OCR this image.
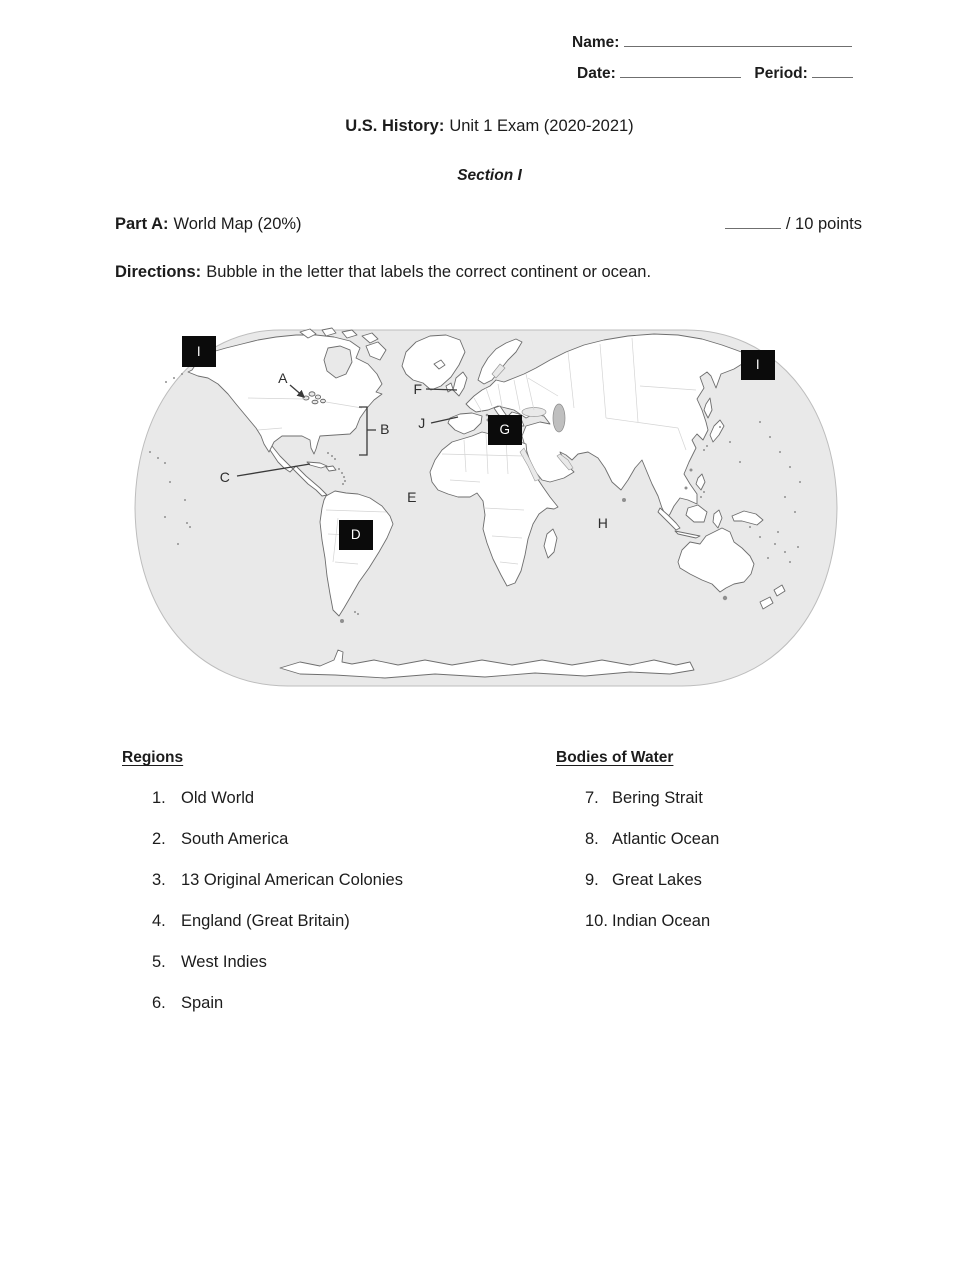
Name:
Date:	Period:
U.S. History: Unit 1 Exam (2020-2021)
Section I
Part A: World Map (20%)	/ 10 points
Directions: Bubble in the letter that labels the correct continent or ocean.
I
A
F
B J	G
C
E
D
H
I
Regions
1. Old World
2. South America
3. 13 Original American Colonies
4. England (Great Britain)
5. West Indies
6. Spain
Bodies of Water
7. Bering Strait
8. Atlantic Ocean
9. Great Lakes
10. Indian Ocean
